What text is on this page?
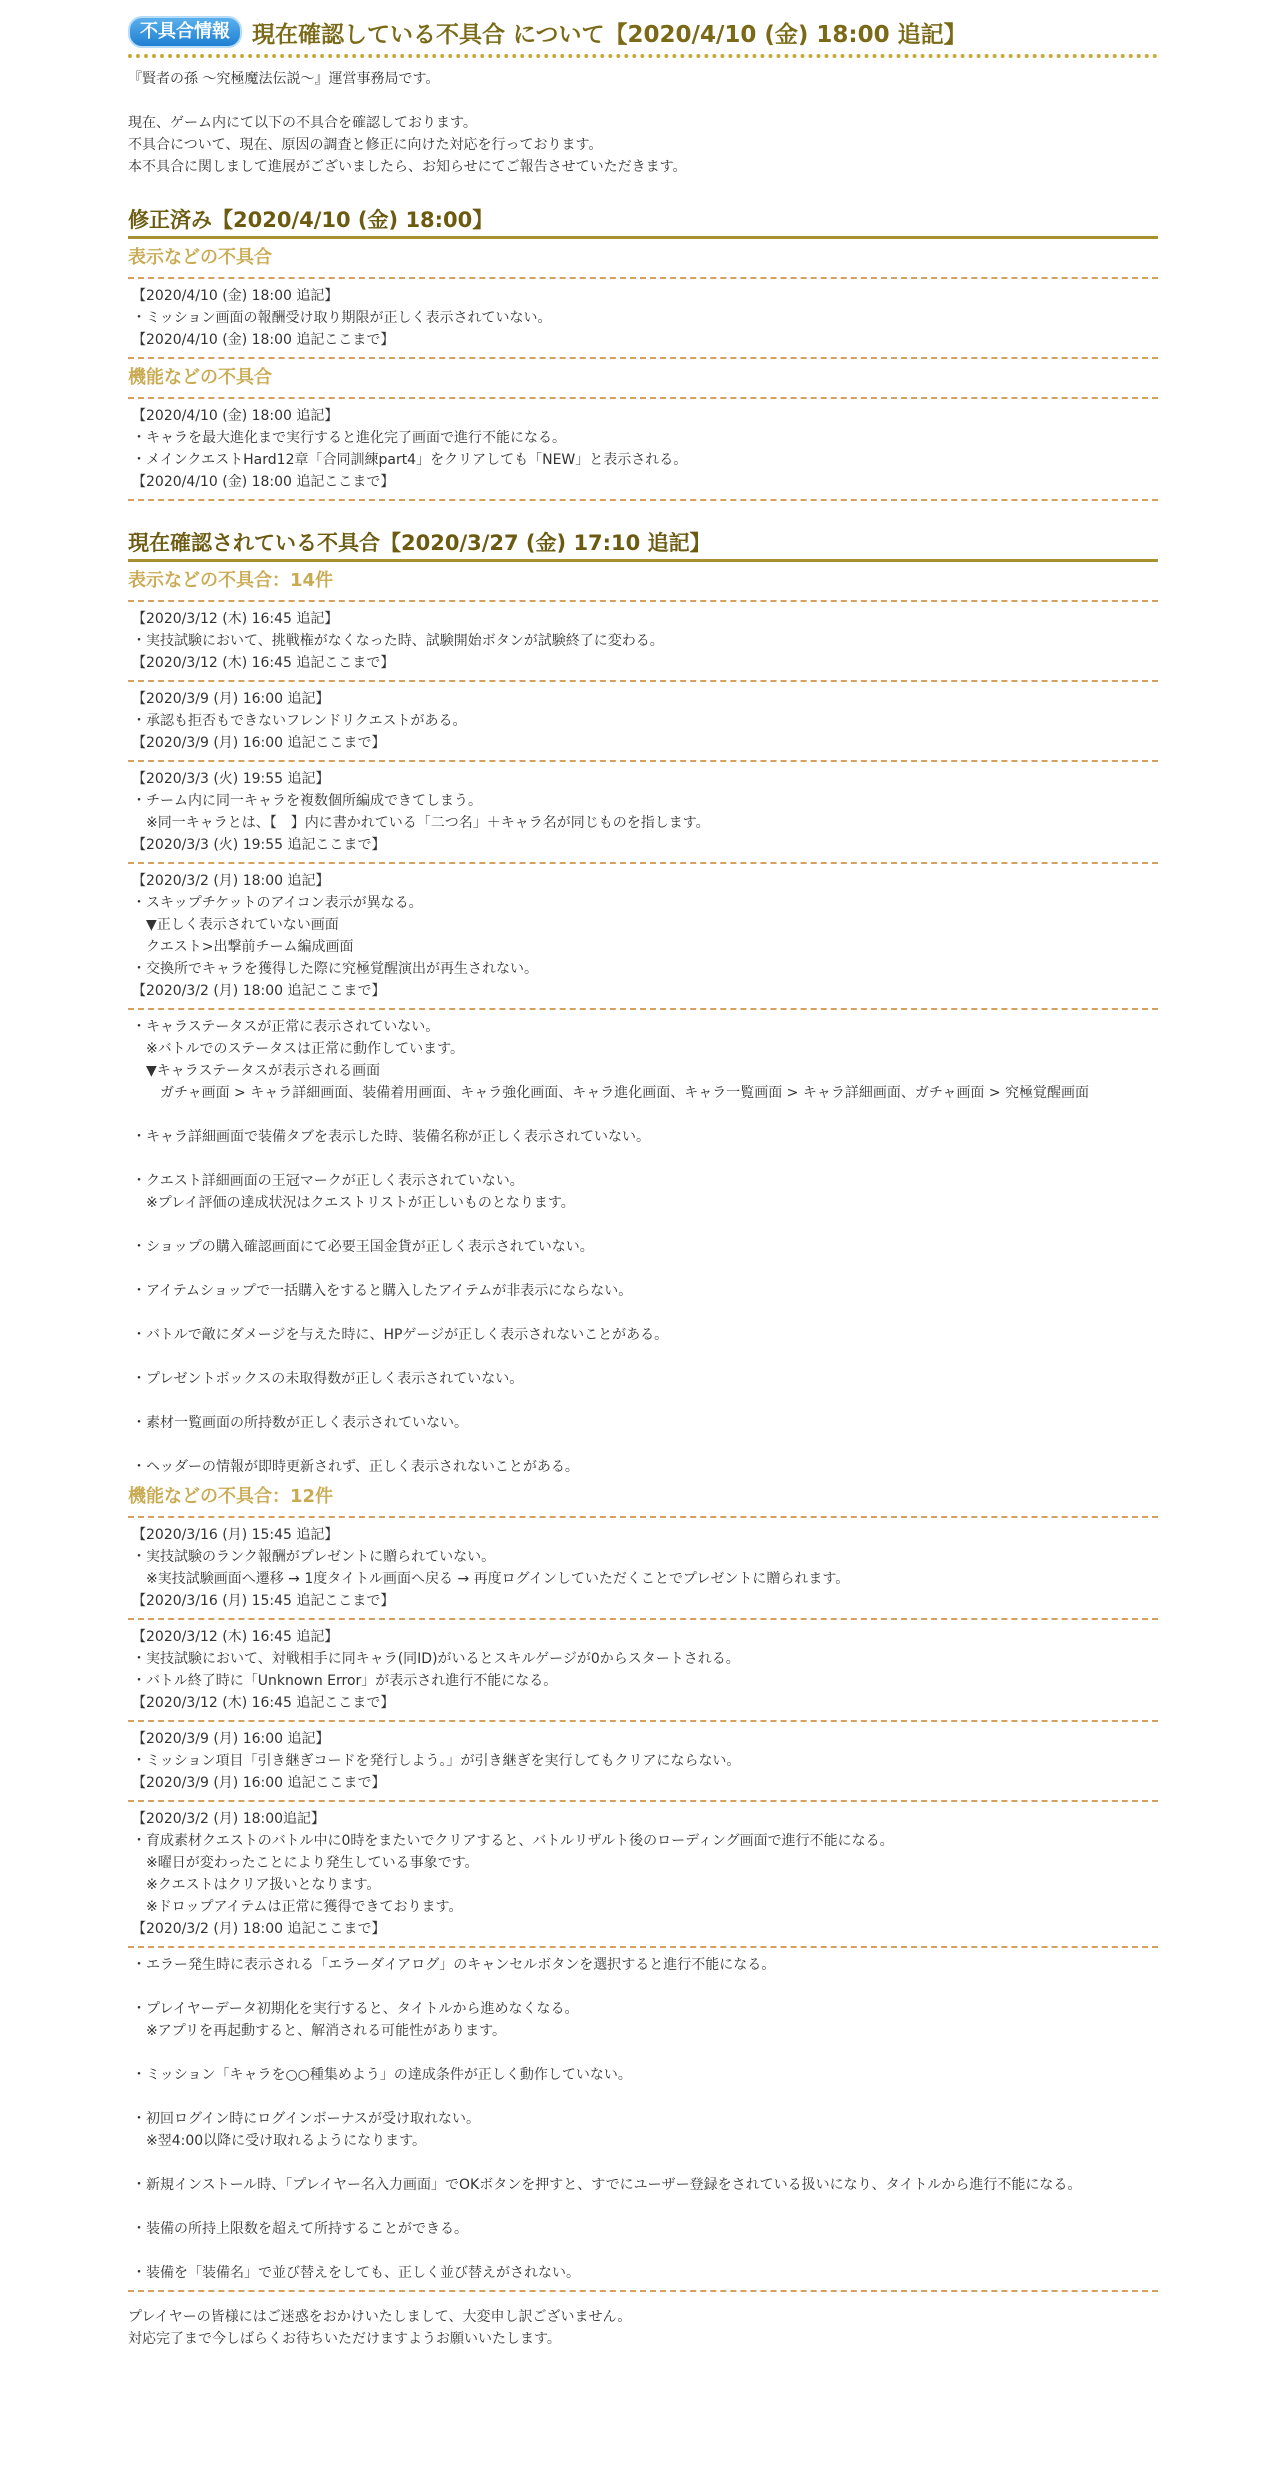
不具合情報 現在確認している不具合 について【2020/4/10 (金) 18:00 追記】

『賢者の孫 ～究極魔法伝説～』運営事務局です。

現在、ゲーム内にて以下の不具合を確認しております。

不具合について、現在、原因の調査と修正に向けた対応を行っております。

本不具合に関しまして進展がございましたら、お知らせにてご報告させていただきます。

修正済み【2020/4/10 (金) 18:00】
表示などの不具合
【2020/4/10 (金) 18:00 追記】
・ミッション画面の報酬受け取り期限が正しく表示されていない。
【2020/4/10 (金) 18:00 追記ここまで】
機能などの不具合
【2020/4/10 (金) 18:00 追記】
・キャラを最大進化まで実行すると進化完了画面で進行不能になる。
・メインクエストHard12章「合同訓練part4」をクリアしても「NEW」と表示される。
【2020/4/10 (金) 18:00 追記ここまで】
現在確認されている不具合【2020/3/27 (金) 17:10 追記】
表示などの不具合：14件
【2020/3/12 (木) 16:45 追記】
・実技試験において、挑戦権がなくなった時、試験開始ボタンが試験終了に変わる。
【2020/3/12 (木) 16:45 追記ここまで】
【2020/3/9 (月) 16:00 追記】
・承認も拒否もできないフレンドリクエストがある。
【2020/3/9 (月) 16:00 追記ここまで】
【2020/3/3 (火) 19:55 追記】
・チーム内に同一キャラを複数個所編成できてしまう。
　※同一キャラとは、【　】内に書かれている「二つ名」＋キャラ名が同じものを指します。
【2020/3/3 (火) 19:55 追記ここまで】
【2020/3/2 (月) 18:00 追記】
・スキップチケットのアイコン表示が異なる。
　▼正しく表示されていない画面
　クエスト>出撃前チーム編成画面
・交換所でキャラを獲得した際に究極覚醒演出が再生されない。
【2020/3/2 (月) 18:00 追記ここまで】
・キャラステータスが正常に表示されていない。
　※バトルでのステータスは正常に動作しています。
　▼キャラステータスが表示される画面
　　ガチャ画面 > キャラ詳細画面、装備着用画面、キャラ強化画面、キャラ進化画面、キャラ一覧画面 > キャラ詳細画面、ガチャ画面 > 究極覚醒画面
・キャラ詳細画面で装備タブを表示した時、装備名称が正しく表示されていない。
・クエスト詳細画面の王冠マークが正しく表示されていない。
　※プレイ評価の達成状況はクエストリストが正しいものとなります。
・ショップの購入確認画面にて必要王国金貨が正しく表示されていない。
・アイテムショップで一括購入をすると購入したアイテムが非表示にならない。
・バトルで敵にダメージを与えた時に、HPゲージが正しく表示されないことがある。
・プレゼントボックスの未取得数が正しく表示されていない。
・素材一覧画面の所持数が正しく表示されていない。
・ヘッダーの情報が即時更新されず、正しく表示されないことがある。
機能などの不具合：12件
【2020/3/16 (月) 15:45 追記】
・実技試験のランク報酬がプレゼントに贈られていない。
　※実技試験画面へ遷移 → 1度タイトル画面へ戻る → 再度ログインしていただくことでプレゼントに贈られます。
【2020/3/16 (月) 15:45 追記ここまで】
【2020/3/12 (木) 16:45 追記】
・実技試験において、対戦相手に同キャラ(同ID)がいるとスキルゲージが0からスタートされる。
・バトル終了時に「Unknown Error」が表示され進行不能になる。
【2020/3/12 (木) 16:45 追記ここまで】
【2020/3/9 (月) 16:00 追記】
・ミッション項目「引き継ぎコードを発行しよう。」が引き継ぎを実行してもクリアにならない。
【2020/3/9 (月) 16:00 追記ここまで】
【2020/3/2 (月) 18:00追記】
・育成素材クエストのバトル中に0時をまたいでクリアすると、バトルリザルト後のローディング画面で進行不能になる。
　※曜日が変わったことにより発生している事象です。
　※クエストはクリア扱いとなります。
　※ドロップアイテムは正常に獲得できております。
【2020/3/2 (月) 18:00 追記ここまで】
・エラー発生時に表示される「エラーダイアログ」のキャンセルボタンを選択すると進行不能になる。
・プレイヤーデータ初期化を実行すると、タイトルから進めなくなる。
　※アプリを再起動すると、解消される可能性があります。
・ミッション「キャラを○○種集めよう」の達成条件が正しく動作していない。
・初回ログイン時にログインボーナスが受け取れない。
　※翌4:00以降に受け取れるようになります。
・新規インストール時、「プレイヤー名入力画面」でOKボタンを押すと、すでにユーザー登録をされている扱いになり、タイトルから進行不能になる。
・装備の所持上限数を超えて所持することができる。
・装備を「装備名」で並び替えをしても、正しく並び替えがされない。
プレイヤーの皆様にはご迷惑をおかけいたしまして、大変申し訳ございません。
対応完了まで今しばらくお待ちいただけますようお願いいたします。
